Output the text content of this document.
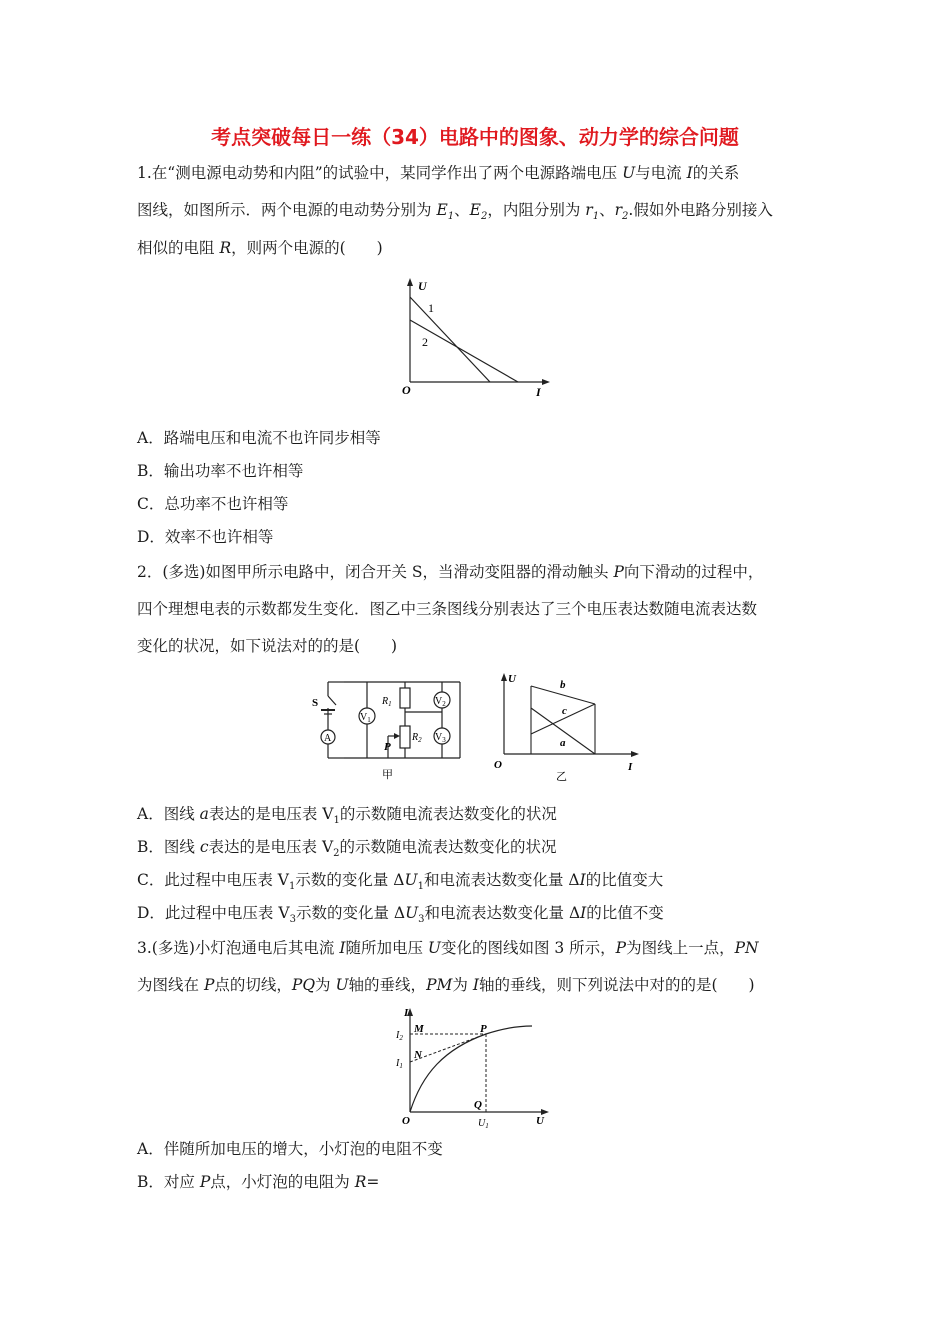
考点突破每日一练（34）电路中的图象、动力学的综合问题
1.在“测电源电动势和内阻”的试验中，某同学作出了两个电源路端电压 U与电流 I的关系
图线，如图所示．两个电源的电动势分别为 $E_1$、$E_2$，内阻分别为 $r_1$、$r_2$.假如外电路分别接入
相似的电阻 R，则两个电源的(　　)
U
1
2
O	I
A．路端电压和电流不也许同步相等
B．输出功率不也许相等
C．总功率不也许相等
D．效率不也许相等
2．(多选)如图甲所示电路中，闭合开关 S，当滑动变阻器的滑动触头 P向下滑动的过程中，
四个理想电表的示数都发生变化．图乙中三条图线分别表达了三个电压表达数随电流表达数
变化的状况，如下说法对的的是(　　)
A
$V_1$
$V_2$
$V_3$
S	$R_1$
$R_2$
P
甲
U	b
c
a
O	I
乙
A．图线 a表达的是电压表 $V_1$的示数随电流表达数变化的状况
B．图线 c表达的是电压表 $V_2$的示数随电流表达数变化的状况
C．此过程中电压表 $V_1$示数的变化量 $\Delta U_1$和电流表达数变化量 ΔI的比值变大
D．此过程中电压表 $V_3$示数的变化量 $\Delta U_3$和电流表达数变化量 ΔI的比值不变
3.(多选)小灯泡通电后其电流 I随所加电压 U变化的图线如图 3 所示，P为图线上一点，PN
为图线在 P点的切线，PQ为 U轴的垂线，PM为 I轴的垂线，则下列说法中对的的是(　　)
I
$I_2$
M	P
N
$I_1$
Q
O	$U_1$	U
A．伴随所加电压的增大，小灯泡的电阻不变
B．对应 P点，小灯泡的电阻为 R=
